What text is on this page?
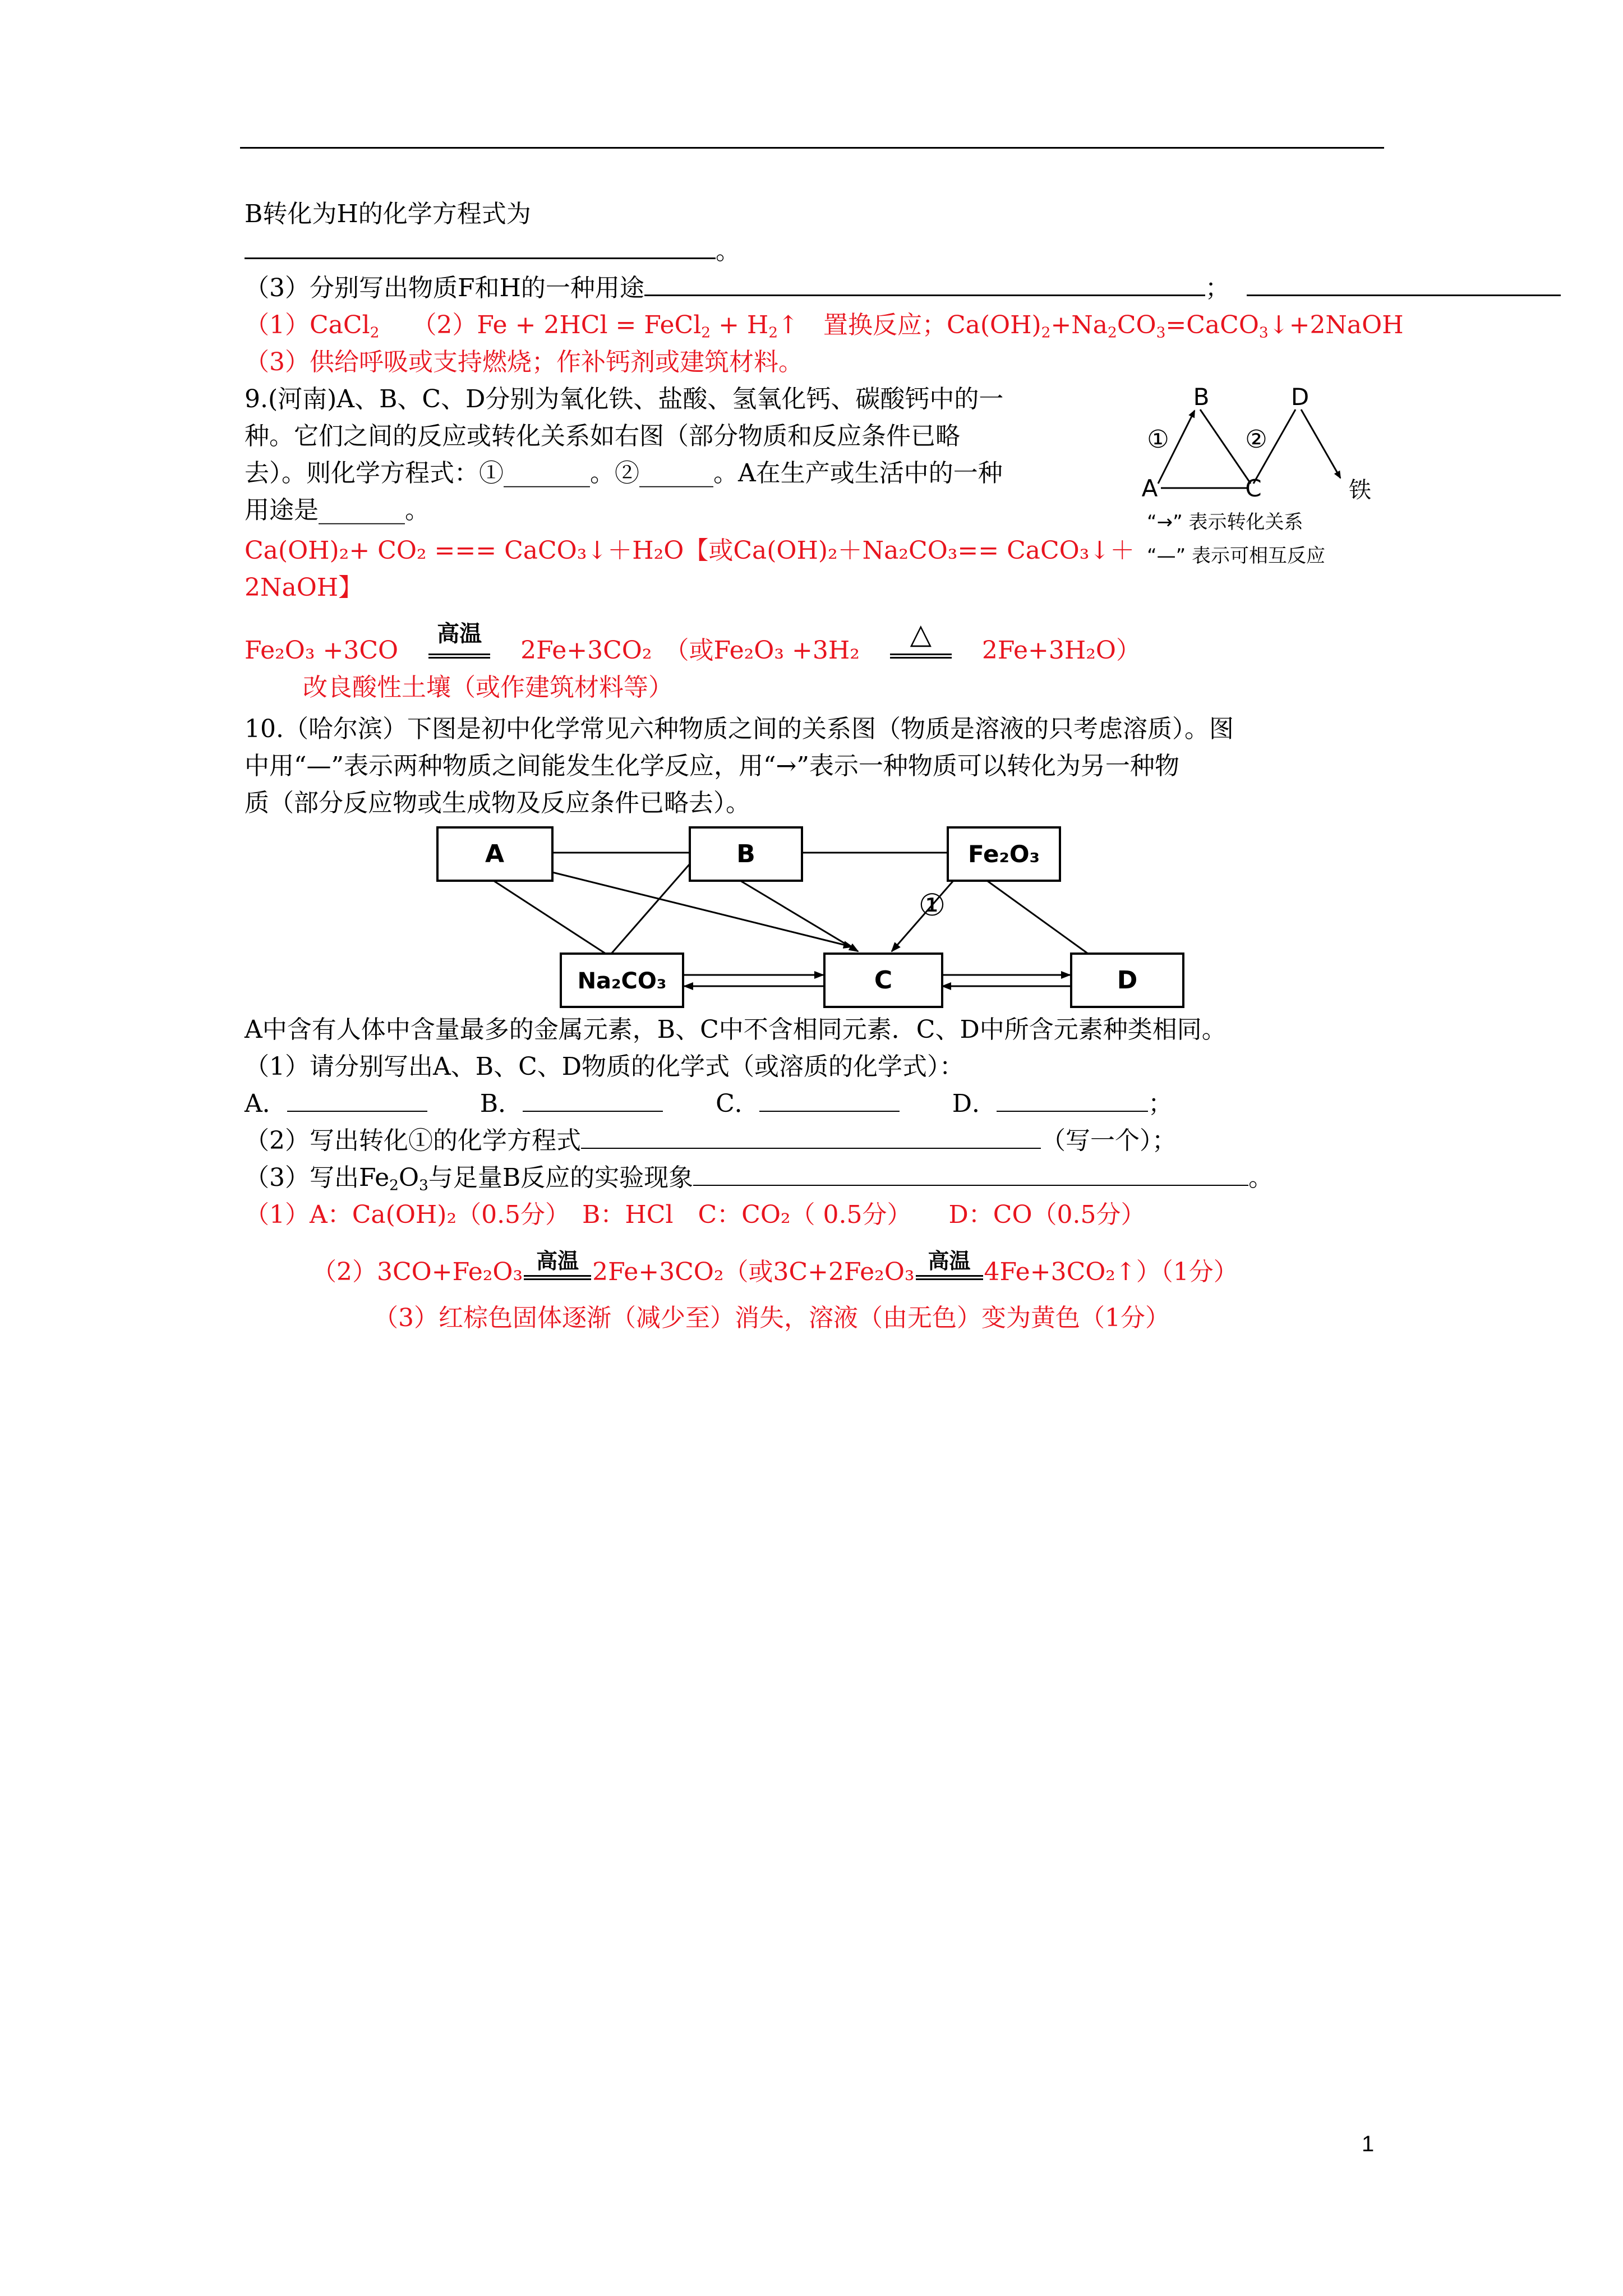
B转化为H的化学方程式为
。
（3）分别写出物质F和H的一种用途	；
（1）CaCl$_2$　 （2）Fe + 2HCl = FeCl$_2$ + $H_2↑$　置换反应；$Ca(OH)_2+Na_2CO_3=CaCO_3↓+2NaOH$
（3）供给呼吸或支持燃烧；作补钙剂或建筑材料。
9.(河南)A、B、C、D分别为氧化铁、盐酸、氢氧化钙、碳酸钙中的一
种。它们之间的反应或转化关系如右图（部分物质和反应条件已略
去）。则化学方程式：①_______。②______。A在生产或生活中的一种
用途是_______。
Ca(OH)₂+ CO₂ === CaCO₃↓＋H₂O【或Ca(OH)₂＋Na₂CO₃== CaCO₃↓＋
2NaOH】
Fe₂O₃ +3CO
高温
2Fe+3CO₂　（或Fe₂O₃ +3H₂
△
2Fe+3H₂O）
改良酸性土壤（或作建筑材料等）
B	D
A	C	铁
①	②
“→” 表示转化关系
“—” 表示可相互反应
10.（哈尔滨）下图是初中化学常见六种物质之间的关系图（物质是溶液的只考虑溶质）。图
中用“—”表示两种物质之间能发生化学反应，用“→”表示一种物质可以转化为另一种物
质（部分反应物或生成物及反应条件已略去）。
A	B	Fe₂O₃
Na₂CO₃	C	D
①
A中含有人体中含量最多的金属元素，B、C中不含相同元素．C、D中所含元素种类相同。
（1）请分别写出A、B、C、D物质的化学式（或溶质的化学式）：
A．	B．	C．	D．	；
（2）写出转化①的化学方程式	（写一个）；
（3）写出$Fe_2O_3$与足量B反应的实验现象	。
（1）A：Ca(OH)₂（0.5分）　B：HCl　C：CO₂（ 0.5分）　　D：CO（0.5分）
（2）3CO+Fe₂O₃ 高温 2Fe+3CO₂（或3C+2Fe₂O₃ 高温 4Fe+3CO₂↑）（1分）
（3）红棕色固体逐渐（减少至）消失，溶液（由无色）变为黄色（1分）
1
